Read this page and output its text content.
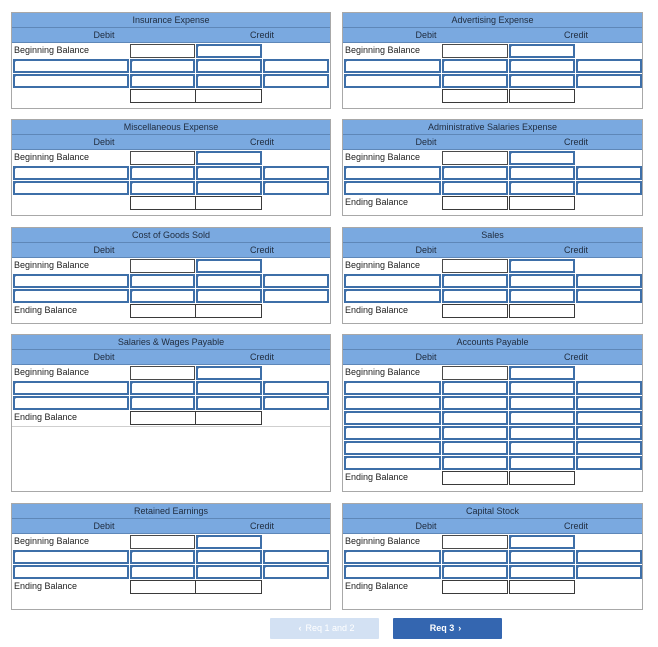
Insurance Expense
Debit	Credit
Beginning Balance
Advertising Expense
Debit	Credit
Beginning Balance
Miscellaneous Expense
Debit	Credit
Beginning Balance
Administrative Salaries Expense
Debit	Credit
Beginning Balance
Ending Balance
Cost of Goods Sold
Debit	Credit
Beginning Balance
Ending Balance
Sales
Debit	Credit
Beginning Balance
Ending Balance
Salaries & Wages Payable
Debit	Credit
Beginning Balance
Ending Balance
Accounts Payable
Debit	Credit
Beginning Balance
Ending Balance
Retained Earnings
Debit	Credit
Beginning Balance
Ending Balance
Capital Stock
Debit	Credit
Beginning Balance
Ending Balance
‹ Req 1 and 2	Req 3 ›
